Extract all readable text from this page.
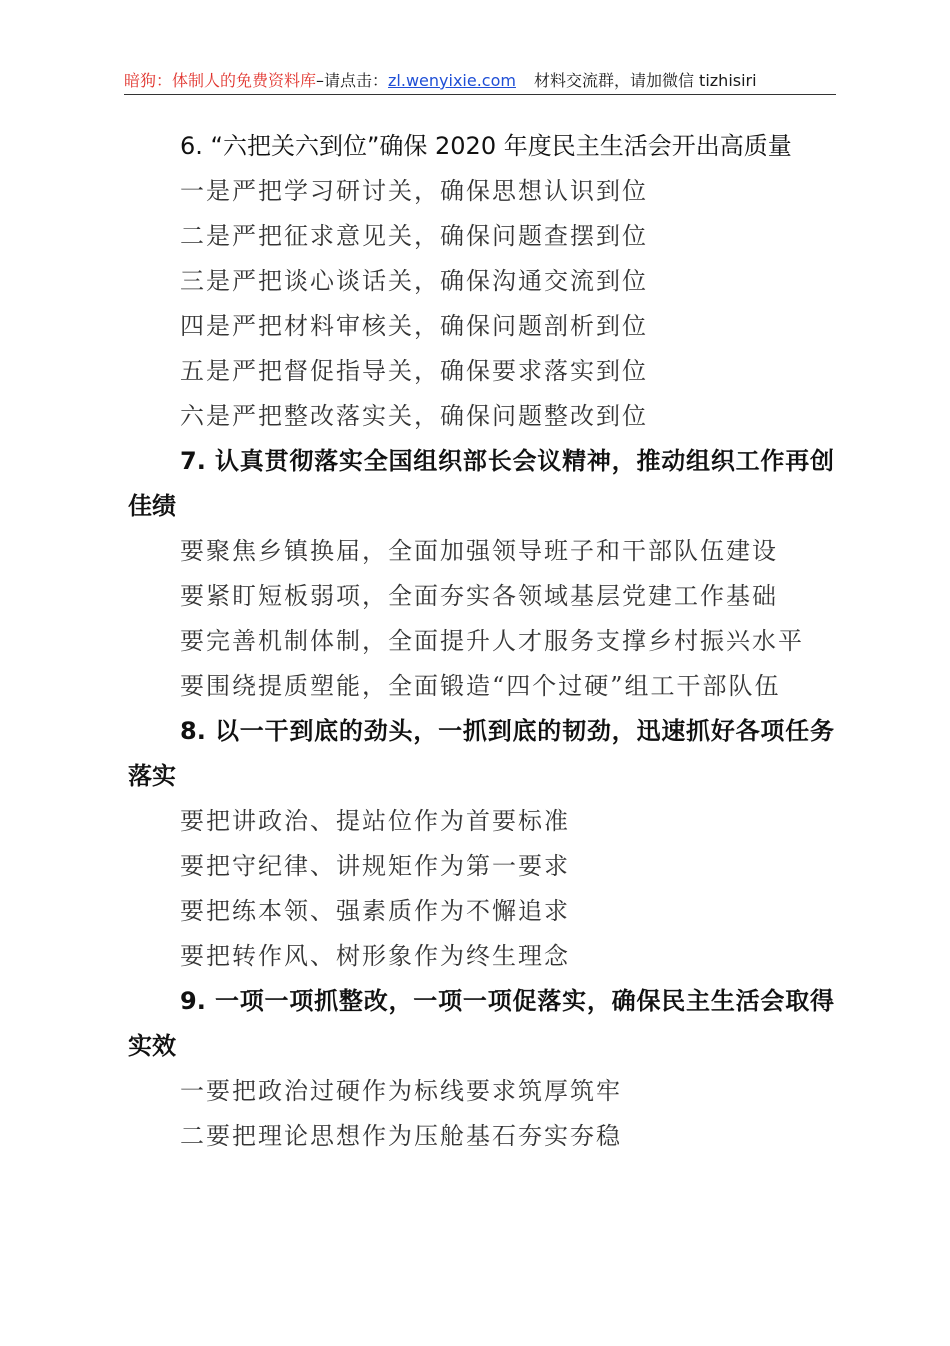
暗狗：体制人的免费资料库–请点击：zl.wenyixie.com 材料交流群，请加微信 tizhisiri

6. “六把关六到位”确保 2020 年度民主生活会开出高质量

一是严把学习研讨关，确保思想认识到位

二是严把征求意见关，确保问题查摆到位

三是严把谈心谈话关，确保沟通交流到位

四是严把材料审核关，确保问题剖析到位

五是严把督促指导关，确保要求落实到位

六是严把整改落实关，确保问题整改到位

7. 认真贯彻落实全国组织部长会议精神，推动组织工作再创佳绩

要聚焦乡镇换届，全面加强领导班子和干部队伍建设

要紧盯短板弱项，全面夯实各领域基层党建工作基础

要完善机制体制，全面提升人才服务支撑乡村振兴水平

要围绕提质塑能，全面锻造“四个过硬”组工干部队伍

8. 以一干到底的劲头，一抓到底的韧劲，迅速抓好各项任务落实

要把讲政治、提站位作为首要标准

要把守纪律、讲规矩作为第一要求

要把练本领、强素质作为不懈追求

要把转作风、树形象作为终生理念

9. 一项一项抓整改，一项一项促落实，确保民主生活会取得实效

一要把政治过硬作为标线要求筑厚筑牢

二要把理论思想作为压舱基石夯实夯稳
